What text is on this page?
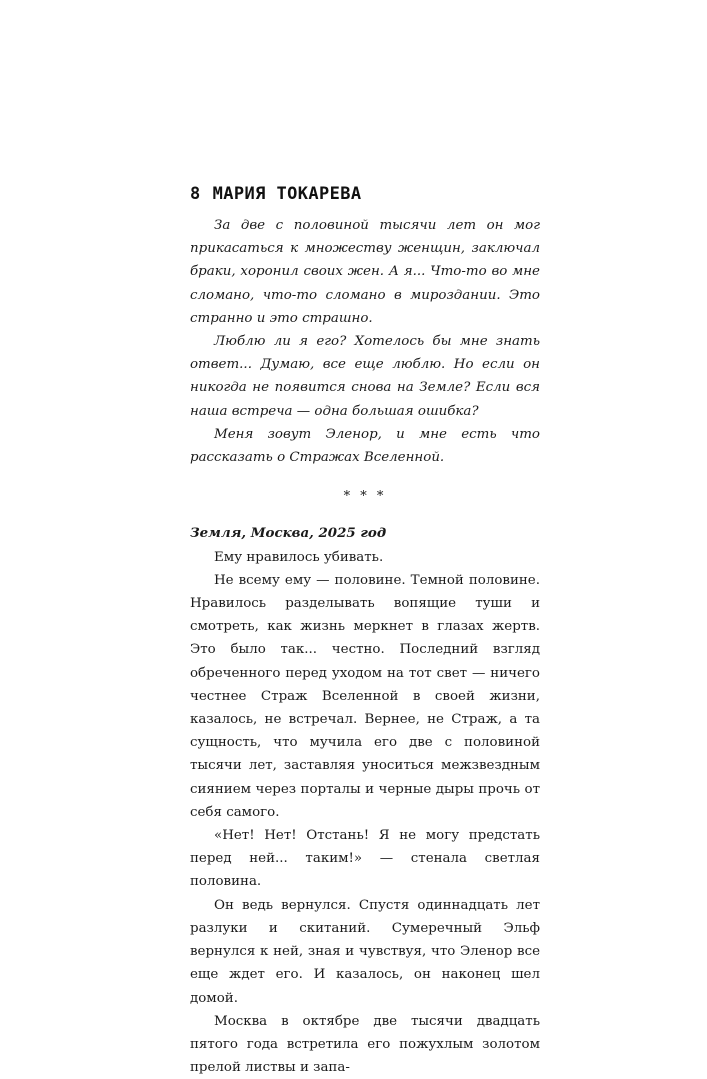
8 МАРИЯ ТОКАРЕВА

За две с половиной тысячи лет он мог прикасаться к множеству женщин, заключал браки, хоронил своих жен. А я... Что-то во мне сломано, что-то сломано в мироздании. Это странно и это страшно.

Люблю ли я его? Хотелось бы мне знать ответ... Думаю, все еще люблю. Но если он никогда не появится снова на Земле? Если вся наша встреча — одна большая ошибка?

Меня зовут Эленор, и мне есть что рассказать о Стражах Вселенной.

* * *

Земля, Москва, 2025 год

Ему нравилось убивать.

Не всему ему — половине. Темной половине. Нравилось разделывать вопящие туши и смотреть, как жизнь меркнет в глазах жертв. Это было так... честно. Последний взгляд обреченного перед уходом на тот свет — ничего честнее Страж Вселенной в своей жизни, казалось, не встречал. Вернее, не Страж, а та сущность, что мучила его две с половиной тысячи лет, заставляя уноситься межзвездным сиянием через порталы и черные дыры прочь от себя самого.

«Нет! Нет! Отстань! Я не могу предстать перед ней... таким!» — стенала светлая половина.

Он ведь вернулся. Спустя одиннадцать лет разлуки и скитаний. Сумеречный Эльф вернулся к ней, зная и чувствуя, что Эленор все еще ждет его. И казалось, он наконец шел домой.

Москва в октябре две тысячи двадцать пятого года встретила его пожухлым золотом прелой листвы и запа-
